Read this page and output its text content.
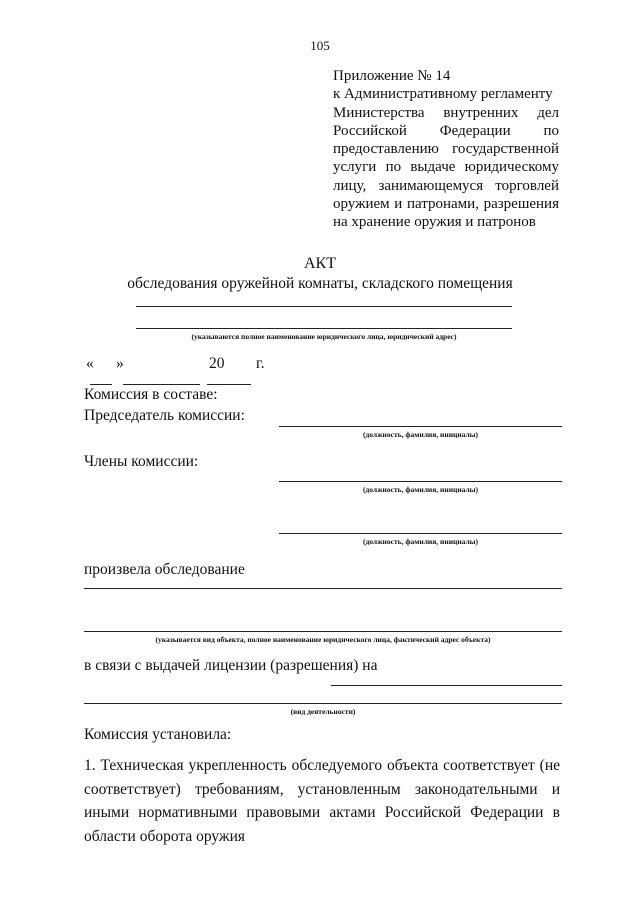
105
Приложение № 14
к Административному регламенту
Министерства внутренних дел
Российской Федерации по
предоставлению государственной
услуги по выдаче юридическому
лицу, занимающемуся торговлей
оружием и патронами, разрешения
на хранение оружия и патронов
АКТ
обследования оружейной комнаты, складского помещения
(указываются полное наименование юридического лица, юридический адрес)
« »	20 г.
Комиссия в составе:
Председатель комиссии:
(должность, фамилия, инициалы)
Члены комиссии:
(должность, фамилия, инициалы)
(должность, фамилия, инициалы)
произвела обследование
(указывается вид объекта, полное наименование юридического лица, фактический адрес объекта)
в связи с выдачей лицензии (разрешения) на
(вид деятельности)
Комиссия установила:
1. Техническая укрепленность обследуемого объекта соответствует (не соответствует) требованиям, установленным законодательными и иными нормативными правовыми актами Российской Федерации в области оборота оружия
